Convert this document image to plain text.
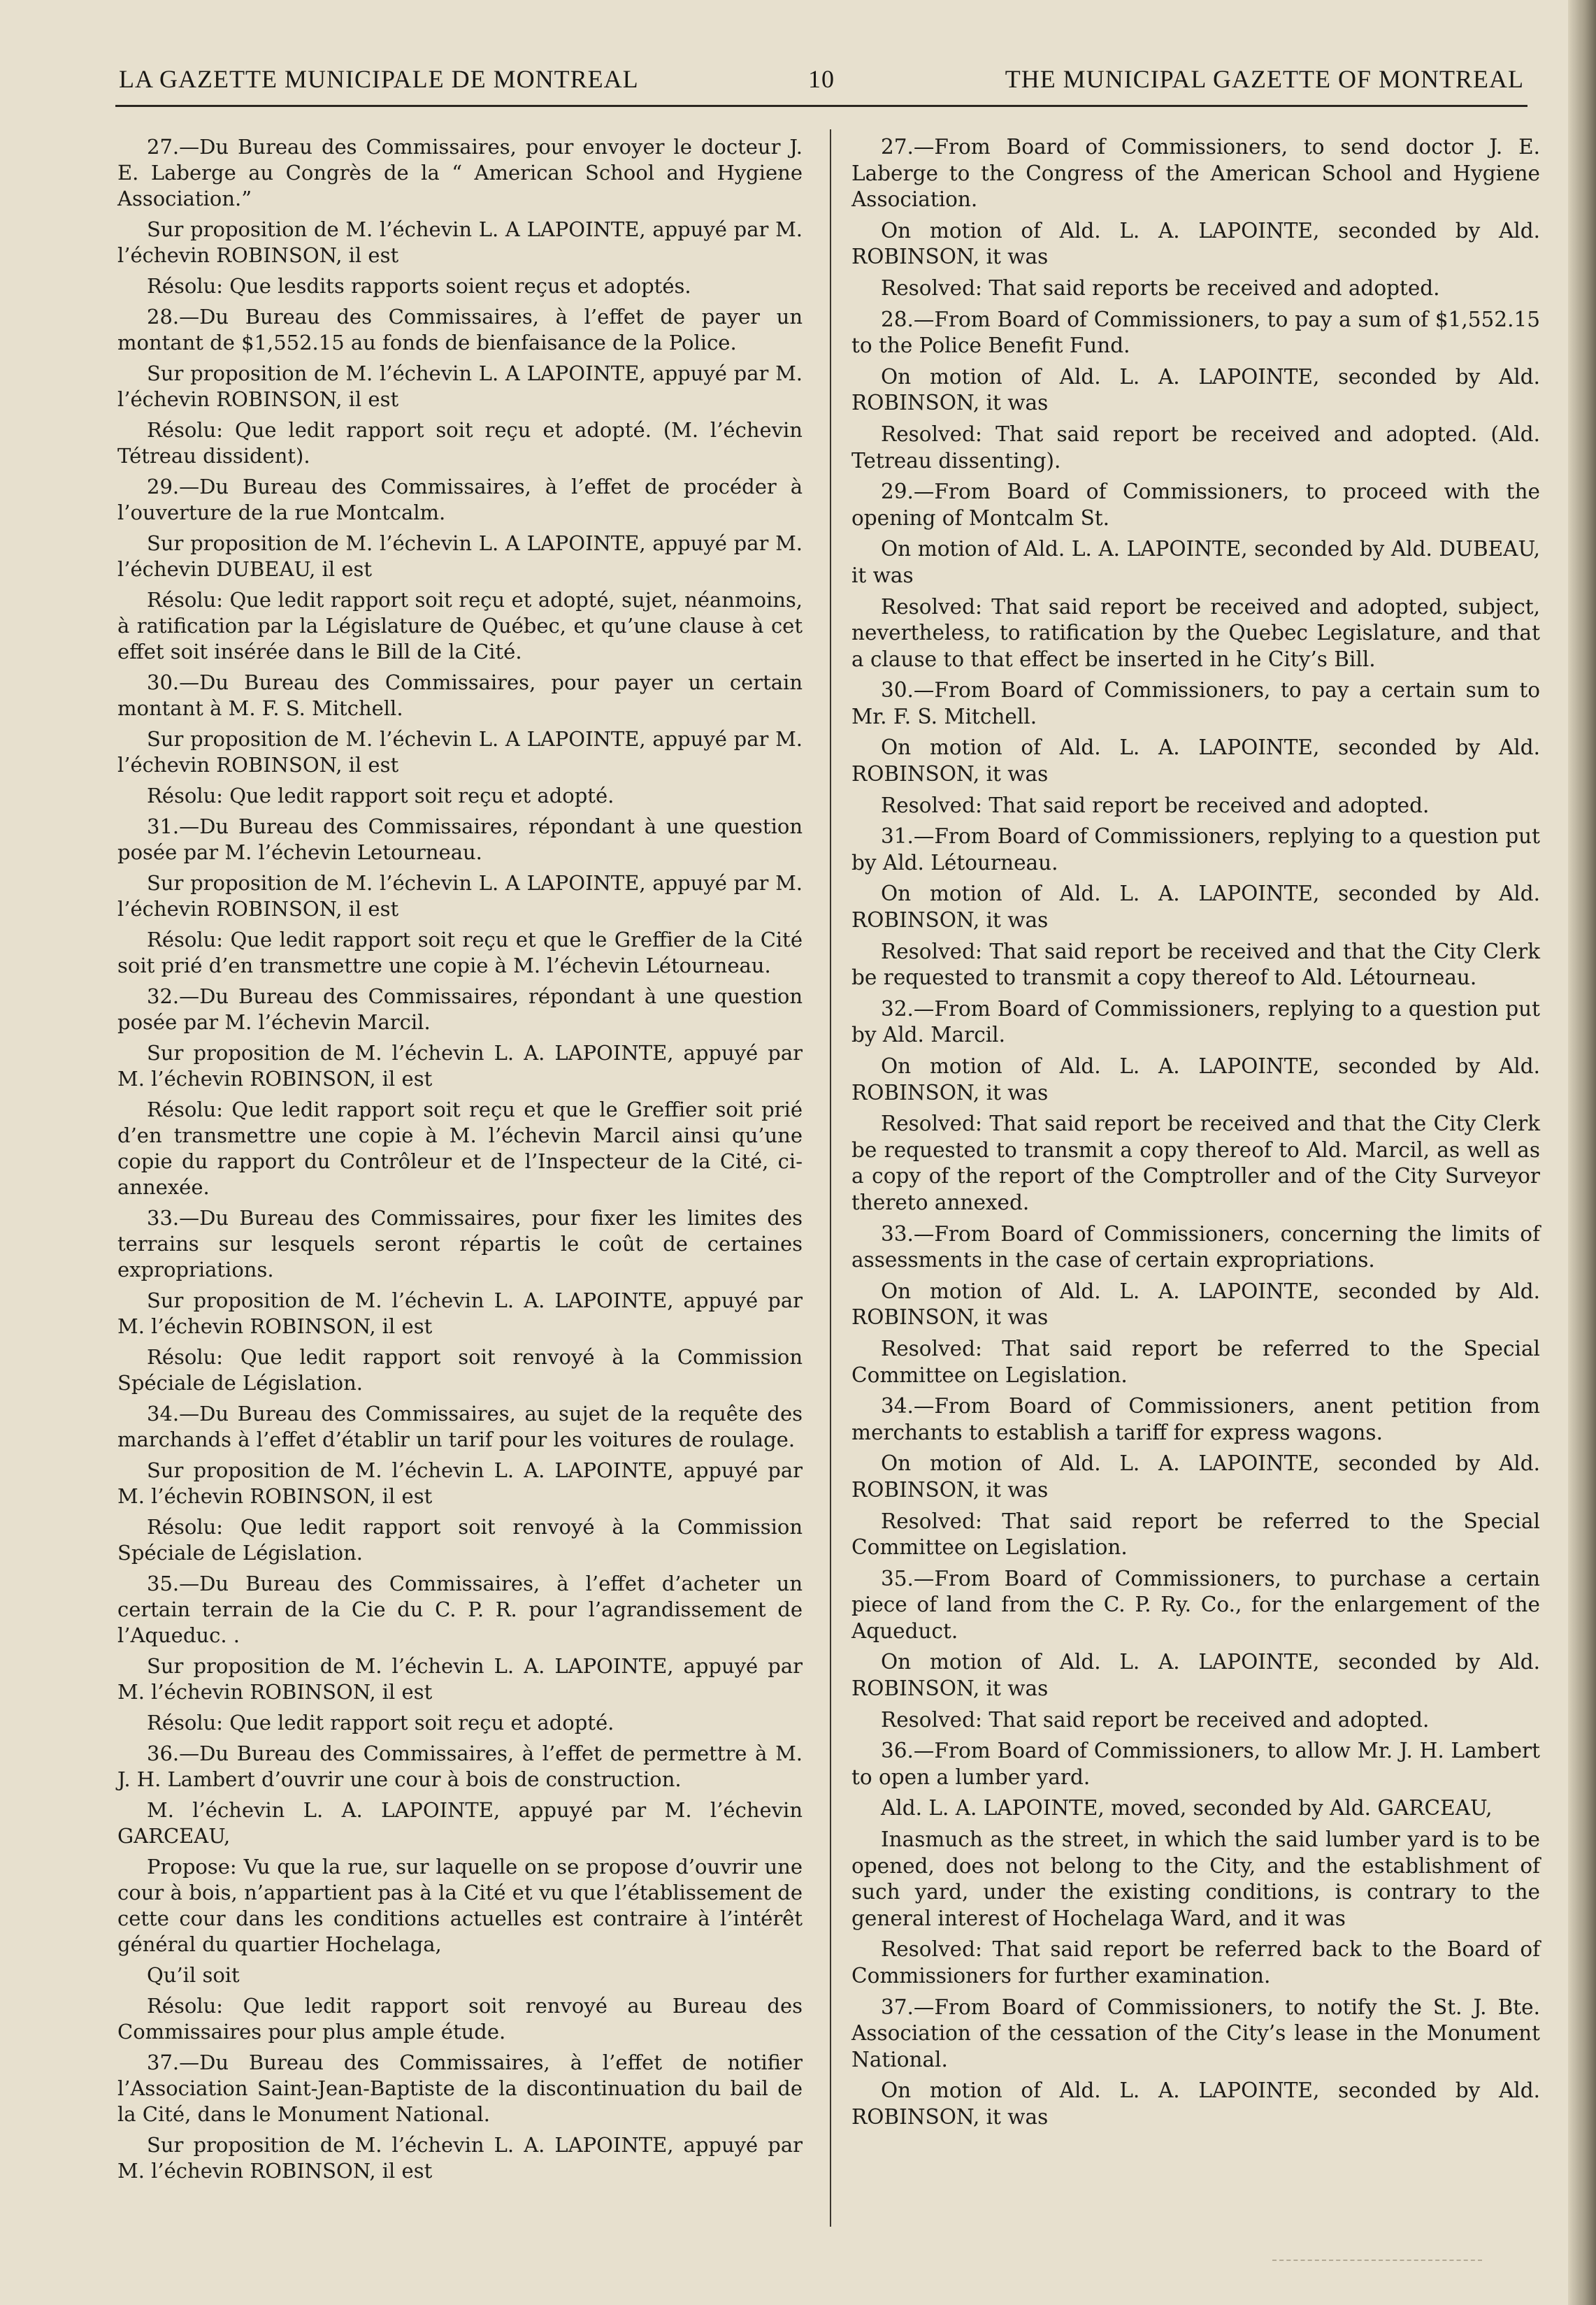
LA GAZETTE MUNICIPALE DE MONTREAL	10	THE MUNICIPAL GAZETTE OF MONTREAL

27.—Du Bureau des Commissaires, pour envoyer le docteur J. E. Laberge au Congrès de la “ American School and Hygiene Association.”

Sur proposition de M. l’échevin L. A LAPOINTE, appuyé par M. l’échevin ROBINSON, il est

Résolu: Que lesdits rapports soient reçus et adoptés.

28.—Du Bureau des Commissaires, à l’effet de payer un montant de $1,552.15 au fonds de bienfaisance de la Police.

Sur proposition de M. l’échevin L. A LAPOINTE, appuyé par M. l’échevin ROBINSON, il est

Résolu: Que ledit rapport soit reçu et adopté. (M. l’échevin Tétreau dissident).

29.—Du Bureau des Commissaires, à l’effet de procéder à l’ouverture de la rue Montcalm.

Sur proposition de M. l’échevin L. A LAPOINTE, appuyé par M. l’échevin DUBEAU, il est

Résolu: Que ledit rapport soit reçu et adopté, sujet, néanmoins, à ratification par la Législature de Québec, et qu’une clause à cet effet soit insérée dans le Bill de la Cité.

30.—Du Bureau des Commissaires, pour payer un certain montant à M. F. S. Mitchell.

Sur proposition de M. l’échevin L. A LAPOINTE, appuyé par M. l’échevin ROBINSON, il est

Résolu: Que ledit rapport soit reçu et adopté.

31.—Du Bureau des Commissaires, répondant à une question posée par M. l’échevin Letourneau.

Sur proposition de M. l’échevin L. A LAPOINTE, appuyé par M. l’échevin ROBINSON, il est

Résolu: Que ledit rapport soit reçu et que le Greffier de la Cité soit prié d’en transmettre une copie à M. l’échevin Létourneau.

32.—Du Bureau des Commissaires, répondant à une question posée par M. l’échevin Marcil.

Sur proposition de M. l’échevin L. A. LAPOINTE, appuyé par M. l’échevin ROBINSON, il est

Résolu: Que ledit rapport soit reçu et que le Greffier soit prié d’en transmettre une copie à M. l’échevin Marcil ainsi qu’une copie du rapport du Contrôleur et de l’Inspecteur de la Cité, ci-annexée.

33.—Du Bureau des Commissaires, pour fixer les limites des terrains sur lesquels seront répartis le coût de certaines expropriations.

Sur proposition de M. l’échevin L. A. LAPOINTE, appuyé par M. l’échevin ROBINSON, il est

Résolu: Que ledit rapport soit renvoyé à la Commission Spéciale de Législation.

34.—Du Bureau des Commissaires, au sujet de la requête des marchands à l’effet d’établir un tarif pour les voitures de roulage.

Sur proposition de M. l’échevin L. A. LAPOINTE, appuyé par M. l’échevin ROBINSON, il est

Résolu: Que ledit rapport soit renvoyé à la Commission Spéciale de Législation.

35.—Du Bureau des Commissaires, à l’effet d’acheter un certain terrain de la Cie du C. P. R. pour l’agrandissement de l’Aqueduc. .

Sur proposition de M. l’échevin L. A. LAPOINTE, appuyé par M. l’échevin ROBINSON, il est

Résolu: Que ledit rapport soit reçu et adopté.

36.—Du Bureau des Commissaires, à l’effet de permettre à M. J. H. Lambert d’ouvrir une cour à bois de construction.

M. l’échevin L. A. LAPOINTE, appuyé par M. l’échevin GARCEAU,

Propose: Vu que la rue, sur laquelle on se propose d’ouvrir une cour à bois, n’appartient pas à la Cité et vu que l’établissement de cette cour dans les conditions actuelles est contraire à l’intérêt général du quartier Hochelaga,

Qu’il soit

Résolu: Que ledit rapport soit renvoyé au Bureau des Commissaires pour plus ample étude.

37.—Du Bureau des Commissaires, à l’effet de notifier l’Association Saint-Jean-Baptiste de la discontinuation du bail de la Cité, dans le Monument National.

Sur proposition de M. l’échevin L. A. LAPOINTE, appuyé par M. l’échevin ROBINSON, il est

27.—From Board of Commissioners, to send doctor J. E. Laberge to the Congress of the American School and Hygiene Association.

On motion of Ald. L. A. LAPOINTE, seconded by Ald. ROBINSON, it was

Resolved: That said reports be received and adopted.

28.—From Board of Commissioners, to pay a sum of $1,552.15 to the Police Benefit Fund.

On motion of Ald. L. A. LAPOINTE, seconded by Ald. ROBINSON, it was

Resolved: That said report be received and adopted. (Ald. Tetreau dissenting).

29.—From Board of Commissioners, to proceed with the opening of Montcalm St.

On motion of Ald. L. A. LAPOINTE, seconded by Ald. DUBEAU, it was

Resolved: That said report be received and adopted, subject, nevertheless, to ratification by the Quebec Legislature, and that a clause to that effect be inserted in he City’s Bill.

30.—From Board of Commissioners, to pay a certain sum to Mr. F. S. Mitchell.

On motion of Ald. L. A. LAPOINTE, seconded by Ald. ROBINSON, it was

Resolved: That said report be received and adopted.

31.—From Board of Commissioners, replying to a question put by Ald. Létourneau.

On motion of Ald. L. A. LAPOINTE, seconded by Ald. ROBINSON, it was

Resolved: That said report be received and that the City Clerk be requested to transmit a copy thereof to Ald. Létourneau.

32.—From Board of Commissioners, replying to a question put by Ald. Marcil.

On motion of Ald. L. A. LAPOINTE, seconded by Ald. ROBINSON, it was

Resolved: That said report be received and that the City Clerk be requested to transmit a copy thereof to Ald. Marcil, as well as a copy of the report of the Comptroller and of the City Surveyor thereto annexed.

33.—From Board of Commissioners, concerning the limits of assessments in the case of certain expropriations.

On motion of Ald. L. A. LAPOINTE, seconded by Ald. ROBINSON, it was

Resolved: That said report be referred to the Special Committee on Legislation.

34.—From Board of Commissioners, anent petition from merchants to establish a tariff for express wagons.

On motion of Ald. L. A. LAPOINTE, seconded by Ald. ROBINSON, it was

Resolved: That said report be referred to the Special Committee on Legislation.

35.—From Board of Commissioners, to purchase a certain piece of land from the C. P. Ry. Co., for the enlargement of the Aqueduct.

On motion of Ald. L. A. LAPOINTE, seconded by Ald. ROBINSON, it was

Resolved: That said report be received and adopted.

36.—From Board of Commissioners, to allow Mr. J. H. Lambert to open a lumber yard.

Ald. L. A. LAPOINTE, moved, seconded by Ald. GARCEAU,

Inasmuch as the street, in which the said lumber yard is to be opened, does not belong to the City, and the establishment of such yard, under the existing conditions, is contrary to the general interest of Hochelaga Ward, and it was

Resolved: That said report be referred back to the Board of Commissioners for further examination.

37.—From Board of Commissioners, to notify the St. J. Bte. Association of the cessation of the City’s lease in the Monument National.

On motion of Ald. L. A. LAPOINTE, seconded by Ald. ROBINSON, it was
